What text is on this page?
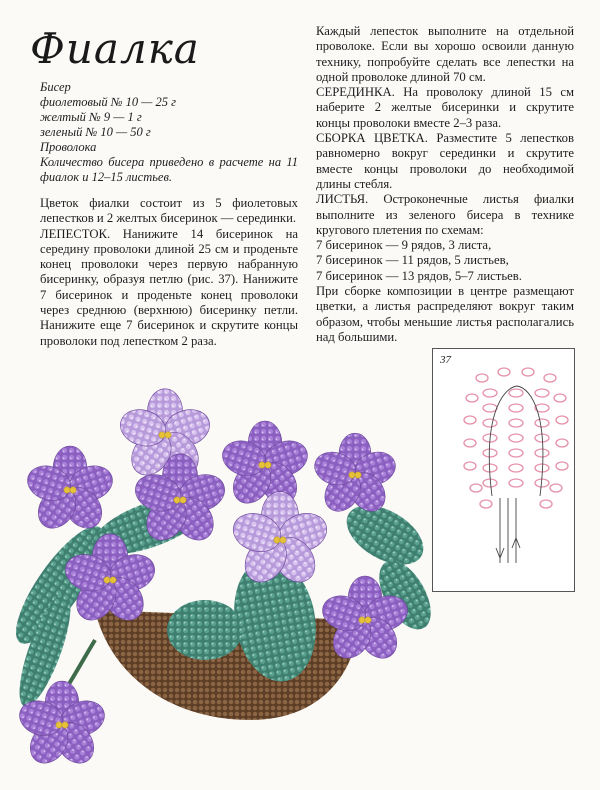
Фиалка
Бисер
фиолетовый № 10 — 25 г
желтый № 9 — 1 г
зеленый № 10 — 50 г
Проволока
Количество бисера приведено в расчете на 11 фиалок и 12–15 листьев.

Цветок фиалки состоит из 5 фиолетовых лепестков и 2 желтых бисеринок — серединки.

ЛЕПЕСТОК. Нанижите 14 бисеринок на середину проволоки длиной 25 см и проденьте конец проволоки через первую набранную бисеринку, образуя петлю (рис. 37). Нанижите 7 бисеринок и проденьте конец проволоки через среднюю (верхнюю) бисеринку петли. Нанижите еще 7 бисеринок и скрутите концы проволоки под лепестком 2 раза.

Каждый лепесток выполните на отдельной проволоке. Если вы хорошо освоили данную технику, попробуйте сделать все лепестки на одной проволоке длиной 70 см.

СЕРЕДИНКА. На проволоку длиной 15 см наберите 2 желтые бисеринки и скрутите концы проволоки вместе 2–3 раза.

СБОРКА ЦВЕТКА. Разместите 5 лепестков равномерно вокруг серединки и скрутите вместе концы проволоки до необходимой длины стебля.

ЛИСТЬЯ. Остроконечные листья фиалки выполните из зеленого бисера в технике кругового плетения по схемам:

7 бисеринок — 9 рядов, 3 листа,

7 бисеринок — 11 рядов, 5 листьев,

7 бисеринок — 13 рядов, 5–7 листьев.

При сборке композиции в центре размещают цветки, а листья распределяют вокруг таким образом, чтобы меньшие листья располагались над большими.

37
